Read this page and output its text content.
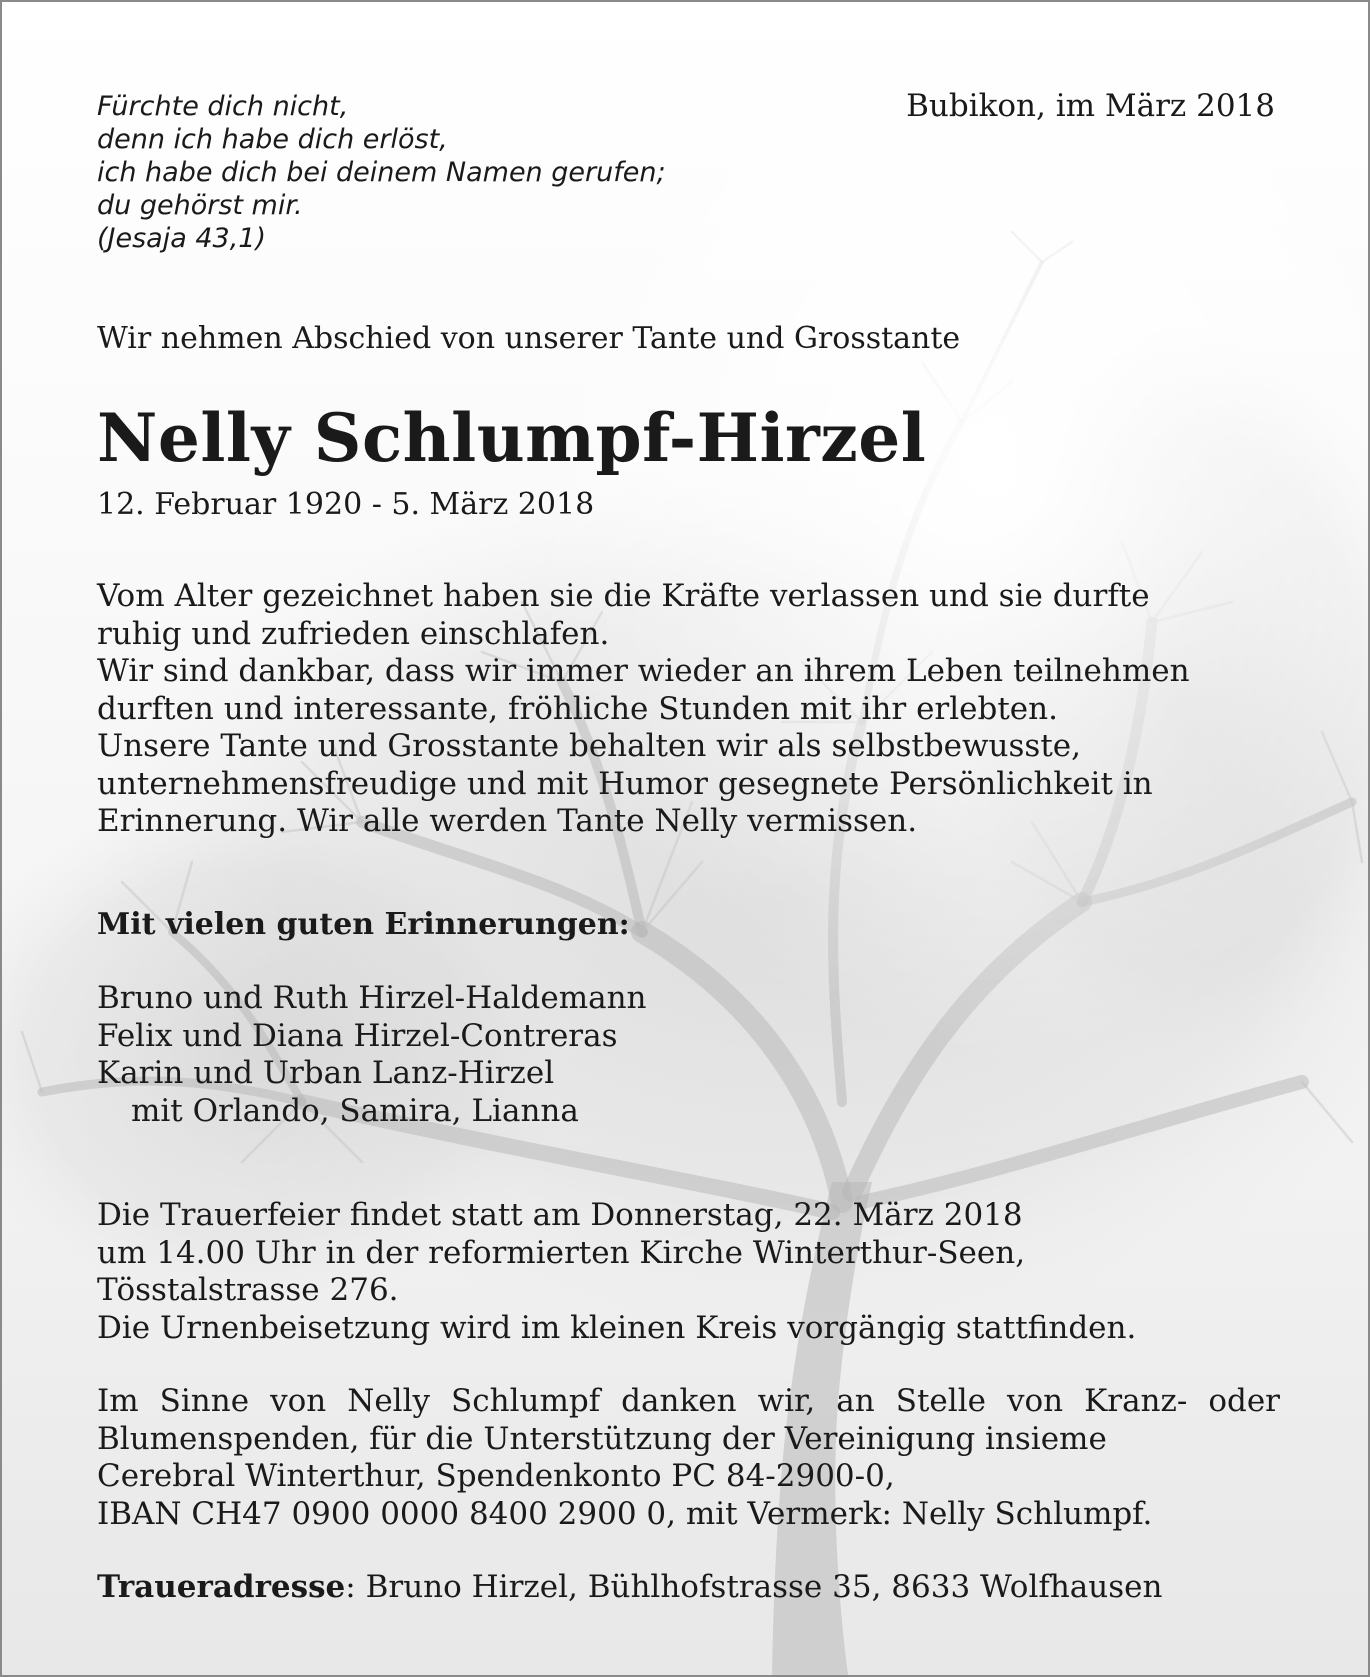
Fürchte dich nicht,
denn ich habe dich erlöst,
ich habe dich bei deinem Namen gerufen;
du gehörst mir.
(Jesaja 43,1)
Bubikon, im März 2018
Wir nehmen Abschied von unserer Tante und Grosstante
Nelly Schlumpf-Hirzel
12. Februar 1920 - 5. März 2018
Vom Alter gezeichnet haben sie die Kräfte verlassen und sie durfte
ruhig und zufrieden einschlafen.
Wir sind dankbar, dass wir immer wieder an ihrem Leben teilnehmen
durften und interessante, fröhliche Stunden mit ihr erlebten.
Unsere Tante und Grosstante behalten wir als selbstbewusste,
unternehmensfreudige und mit Humor gesegnete Persönlichkeit in
Erinnerung. Wir alle werden Tante Nelly vermissen.
Mit vielen guten Erinnerungen:
Bruno und Ruth Hirzel-Haldemann
Felix und Diana Hirzel-Contreras
Karin und Urban Lanz-Hirzel
mit Orlando, Samira, Lianna
Die Trauerfeier findet statt am Donnerstag, 22. März 2018
um 14.00 Uhr in der reformierten Kirche Winterthur-Seen,
Tösstalstrasse 276.
Die Urnenbeisetzung wird im kleinen Kreis vorgängig stattfinden.
Im Sinne von Nelly Schlumpf danken wir, an Stelle von Kranz- oder
Blumenspenden, für die Unterstützung der Vereinigung insieme
Cerebral Winterthur, Spendenkonto PC 84-2900-0,
IBAN CH47 0900 0000 8400 2900 0, mit Vermerk: Nelly Schlumpf.
Traueradresse: Bruno Hirzel, Bühlhofstrasse 35, 8633 Wolfhausen
